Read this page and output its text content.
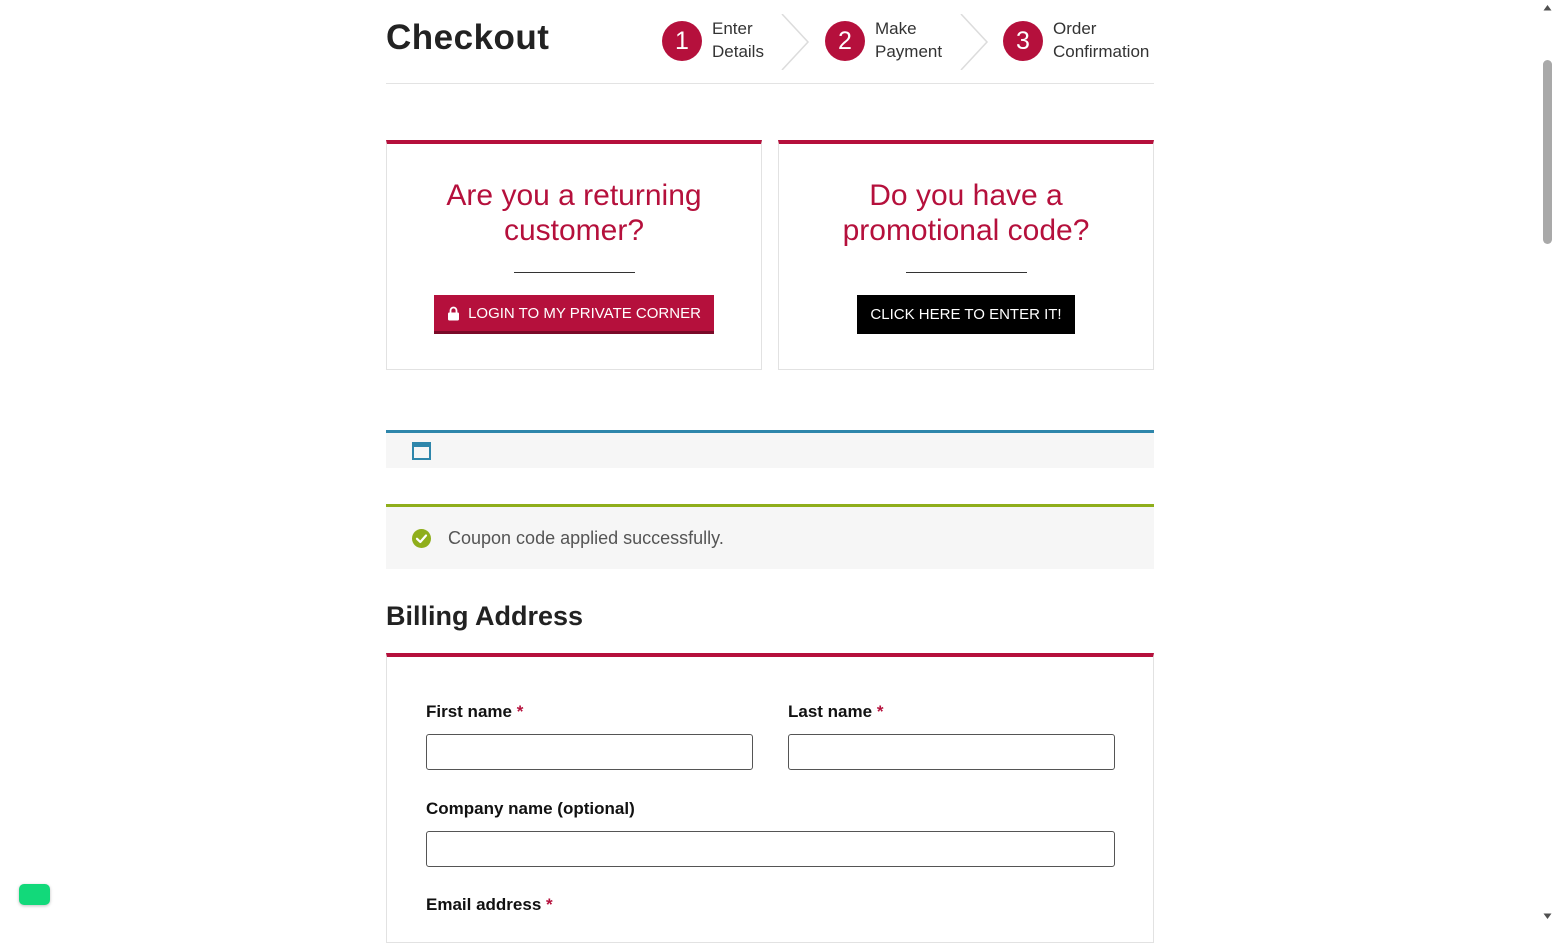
Checkout	1	Enter
Details	2	Make
Payment	3	Order
Confirmation
Are you a returning
customer?
LOGIN TO MY PRIVATE CORNER
Do you have a
promotional code?
CLICK HERE TO ENTER IT!
Coupon code applied successfully.
Billing Address
First name *	Last name *
Company name (optional)
Email address *
